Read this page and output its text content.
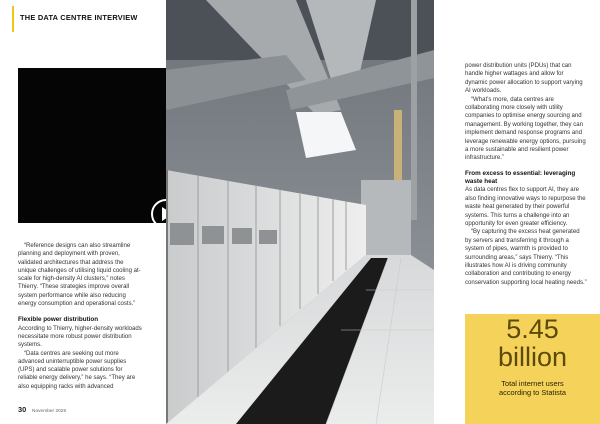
THE DATA CENTRE INTERVIEW

“Reference designs can also streamline planning and deployment with proven, validated architectures that address the unique challenges of utilising liquid cooling at-scale for high-density AI clusters,” notes Thierry. “These strategies improve overall system performance while also reducing energy consumption and operational costs.”

Flexible power distribution

According to Thierry, higher-density workloads necessitate more robust power distribution systems.

“Data centres are seeking out more advanced uninterruptible power supplies (UPS) and scalable power solutions for reliable energy delivery,” he says. “They are also equipping racks with advanced

30 November 2025

power distribution units (PDUs) that can handle higher wattages and allow for dynamic power allocation to support varying AI workloads.

“What’s more, data centres are collaborating more closely with utility companies to optimise energy sourcing and management. By working together, they can implement demand response programs and leverage renewable energy options, pursuing a more sustainable and resilient power infrastructure.”

From excess to essential: leveraging waste heat

As data centres flex to support AI, they are also finding innovative ways to repurpose the waste heat generated by their powerful systems. This turns a challenge into an opportunity for even greater efficiency.

“By capturing the excess heat generated by servers and transferring it through a system of pipes, warmth is provided to surrounding areas,” says Thierry. “This illustrates how AI is driving community collaboration and contributing to energy conservation supporting local heating needs.”

5.45
billion
Total internet users
according to Statista
